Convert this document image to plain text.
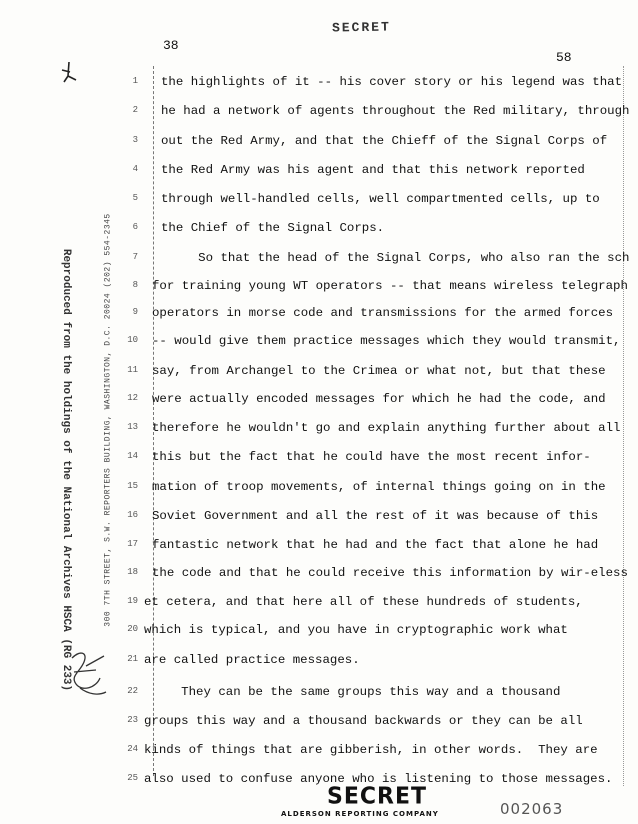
SECRET
38
58
Reproduced from the holdings of the National Archives HSCA (RG 233)	300 7TH STREET, S.W. REPORTERS BUILDING, WASHINGTON, D.C. 20024 (202) 554-2345
1
2
3
4
5
6
7
8
9
10
11
12
13
14
15
16
17
18
19
20
21
22
23
24
25
the highlights of it -- his cover story or his legend was that
he had a network of agents throughout the Red military, through
out the Red Army, and that the Chieff of the Signal Corps of
the Red Army was his agent and that this network reported
through well-handled cells, well compartmented cells, up to
the Chief of the Signal Corps.
So that the head of the Signal Corps, who also ran the sch
for training young WT operators -- that means wireless telegraph
operators in morse code and transmissions for the armed forces
-- would give them practice messages which they would transmit,
say, from Archangel to the Crimea or what not, but that these
were actually encoded messages for which he had the code, and
therefore he wouldn't go and explain anything further about all
this but the fact that he could have the most recent infor-
mation of troop movements, of internal things going on in the
Soviet Government and all the rest of it was because of this
fantastic network that he had and the fact that alone he had
the code and that he could receive this information by wir-eless
et cetera, and that here all of these hundreds of students,
which is typical, and you have in cryptographic work what
are called practice messages.
They can be the same groups this way and a thousand
groups this way and a thousand backwards or they can be all
kinds of things that are gibberish, in other words.  They are
also used to confuse anyone who is listening to those messages.
SECRET
ALDERSON REPORTING COMPANY	002063
